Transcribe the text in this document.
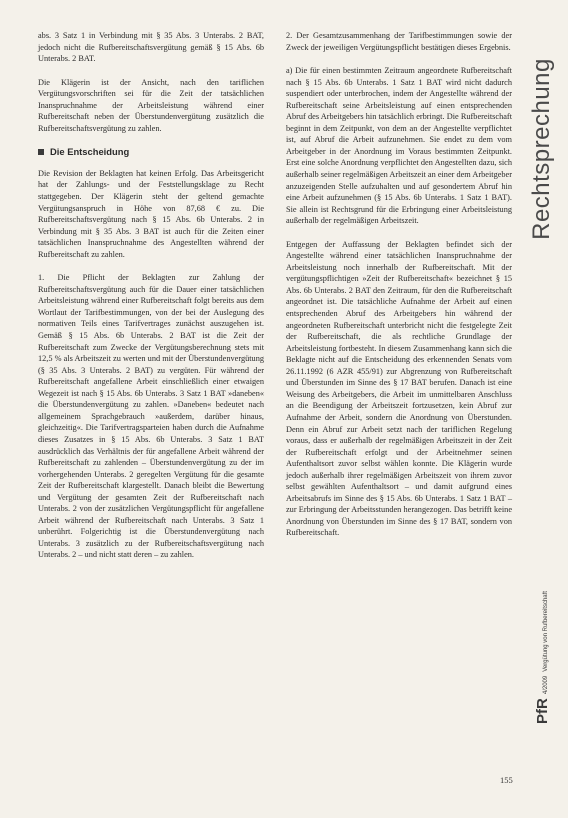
abs. 3 Satz 1 in Verbindung mit § 35 Abs. 3 Unterabs. 2 BAT, jedoch nicht die Rufbereitschaftsvergütung gemäß § 15 Abs. 6b Unterabs. 2 BAT.

Die Klägerin ist der Ansicht, nach den tariflichen Vergütungsvorschriften sei für die Zeit der tatsächlichen Inanspruchnahme der Arbeitsleistung während einer Rufbereitschaft neben der Überstundenvergütung zusätzlich die Rufbereitschaftsvergütung zu zahlen.

Die Entscheidung

Die Revision der Beklagten hat keinen Erfolg. Das Arbeitsgericht hat der Zahlungs- und der Feststellungsklage zu Recht stattgegeben. Der Klägerin steht der geltend gemachte Vergütungsanspruch in Höhe von 87,68 € zu. Die Rufbereitschaftsvergütung nach § 15 Abs. 6b Unterabs. 2 in Verbindung mit § 35 Abs. 3 BAT ist auch für die Zeiten einer tatsächlichen Inanspruchnahme des Angestellten während der Rufbereitschaft zu zahlen.

1. Die Pflicht der Beklagten zur Zahlung der Rufbereitschaftsvergütung auch für die Dauer einer tatsächlichen Arbeitsleistung während einer Rufbereitschaft folgt bereits aus dem Wortlaut der Tarifbestimmungen, von der bei der Auslegung des normativen Teils eines Tarifvertrages zunächst auszugehen ist. Gemäß § 15 Abs. 6b Unterabs. 2 BAT ist die Zeit der Rufbereitschaft zum Zwecke der Vergütungsberechnung stets mit 12,5 % als Arbeitszeit zu werten und mit der Überstundenvergütung (§ 35 Abs. 3 Unterabs. 2 BAT) zu vergüten. Für während der Rufbereitschaft angefallene Arbeit einschließlich einer etwaigen Wegezeit ist nach § 15 Abs. 6b Unterabs. 3 Satz 1 BAT »daneben« die Überstundenvergütung zu zahlen. »Daneben« bedeutet nach allgemeinem Sprachgebrauch »außerdem, darüber hinaus, gleichzeitig«. Die Tarifvertragsparteien haben durch die Aufnahme dieses Zusatzes in § 15 Abs. 6b Unterabs. 3 Satz 1 BAT ausdrücklich das Verhältnis der für angefallene Arbeit während der Rufbereitschaft zu zahlenden – Überstundenvergütung zu der im vorhergehenden Unterabs. 2 geregelten Vergütung für die gesamte Zeit der Rufbereitschaft klargestellt. Danach bleibt die Bewertung und Vergütung der gesamten Zeit der Rufbereitschaft nach Unterabs. 2 von der zusätzlichen Vergütungspflicht für angefallene Arbeit während der Rufbereitschaft nach Unterabs. 3 Satz 1 unberührt. Folgerichtig ist die Überstundenvergütung nach Unterabs. 3 zusätzlich zu der Rufbereitschaftsvergütung nach Unterabs. 2 – und nicht statt deren – zu zahlen.

2. Der Gesamtzusammenhang der Tarifbestimmungen sowie der Zweck der jeweiligen Vergütungspflicht bestätigen dieses Ergebnis.

a) Die für einen bestimmten Zeitraum angeordnete Rufbereitschaft nach § 15 Abs. 6b Unterabs. 1 Satz 1 BAT wird nicht dadurch suspendiert oder unterbrochen, indem der Angestellte während der Rufbereitschaft seine Arbeitsleistung auf einen entsprechenden Abruf des Arbeitgebers hin tatsächlich erbringt. Die Rufbereitschaft beginnt in dem Zeitpunkt, von dem an der Angestellte verpflichtet ist, auf Abruf die Arbeit aufzunehmen. Sie endet zu dem vom Arbeitgeber in der Anordnung im Voraus bestimmten Zeitpunkt. Erst eine solche Anordnung verpflichtet den Angestellten dazu, sich außerhalb seiner regelmäßigen Arbeitszeit an einer dem Arbeitgeber anzuzeigenden Stelle aufzuhalten und auf gesondertem Abruf hin eine Arbeit aufzunehmen (§ 15 Abs. 6b Unterabs. 1 Satz 1 BAT). Sie allein ist Rechtsgrund für die Erbringung einer Arbeitsleistung außerhalb der regelmäßigen Arbeitszeit.

Entgegen der Auffassung der Beklagten befindet sich der Angestellte während einer tatsächlichen Inanspruchnahme der Arbeitsleistung noch innerhalb der Rufbereitschaft. Mit der vergütungspflichtigen »Zeit der Rufbereitschaft« bezeichnet § 15 Abs. 6b Unterabs. 2 BAT den Zeitraum, für den die Rufbereitschaft angeordnet ist. Die tatsächliche Aufnahme der Arbeit auf einen entsprechenden Abruf des Arbeitgebers hin während der angeordneten Rufbereitschaft unterbricht nicht die festgelegte Zeit der Rufbereitschaft, die als rechtliche Grundlage der Arbeitsleistung fortbesteht. In diesem Zusammenhang kann sich die Beklagte nicht auf die Entscheidung des erkennenden Senats vom 26.11.1992 (6 AZR 455/91) zur Abgrenzung von Rufbereitschaft und Überstunden im Sinne des § 17 BAT berufen. Danach ist eine Weisung des Arbeitgebers, die Arbeit im unmittelbaren Anschluss an die Beendigung der Arbeitszeit fortzusetzen, kein Abruf zur Aufnahme der Arbeit, sondern die Anordnung von Überstunden. Denn ein Abruf zur Arbeit setzt nach der tariflichen Regelung voraus, dass er außerhalb der regelmäßigen Arbeitszeit in der Zeit der Rufbereitschaft erfolgt und der Arbeitnehmer seinen Aufenthaltsort zuvor selbst wählen konnte. Die Klägerin wurde jedoch außerhalb ihrer regelmäßigen Arbeitszeit von ihrem zuvor selbst gewählten Aufenthaltsort – und damit aufgrund eines Arbeitsabrufs im Sinne des § 15 Abs. 6b Unterabs. 1 Satz 1 BAT – zur Erbringung der Arbeitsstunden herangezogen. Das betrifft keine Anordnung von Überstunden im Sinne des § 17 BAT, sondern von Rufbereitschaft.

Rechtsprechung
PfR
4/2009
Vergütung von Rufbereitschaft
155
